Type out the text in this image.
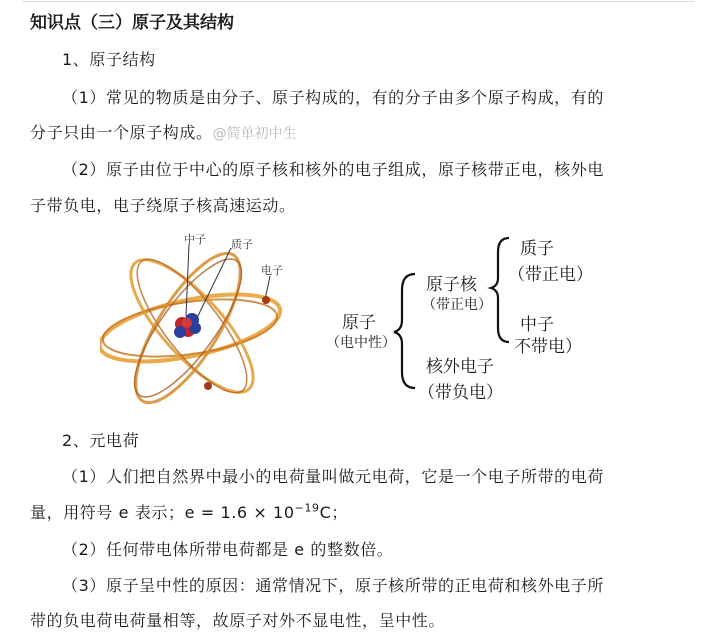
知识点（三）原子及其结构
1、原子结构
（1）常见的物质是由分子、原子构成的，有的分子由多个原子构成，有的
分子只由一个原子构成。@简单初中生
（2）原子由位于中心的原子核和核外的电子组成，原子核带正电，核外电
子带负电，电子绕原子核高速运动。
中子 质子
电子
原子
（电中性）
原子核
（带正电）
质子
（带正电）
中子
不带电）
核外电子
（带负电）
2、元电荷
（1）人们把自然界中最小的电荷量叫做元电荷，它是一个电子所带的电荷
量，用符号 e 表示；$e = 1.6 \times 10^{-19}C$；
（2）任何带电体所带电荷都是 e 的整数倍。
（3）原子呈中性的原因：通常情况下，原子核所带的正电荷和核外电子所
带的负电荷电荷量相等，故原子对外不显电性，呈中性。
